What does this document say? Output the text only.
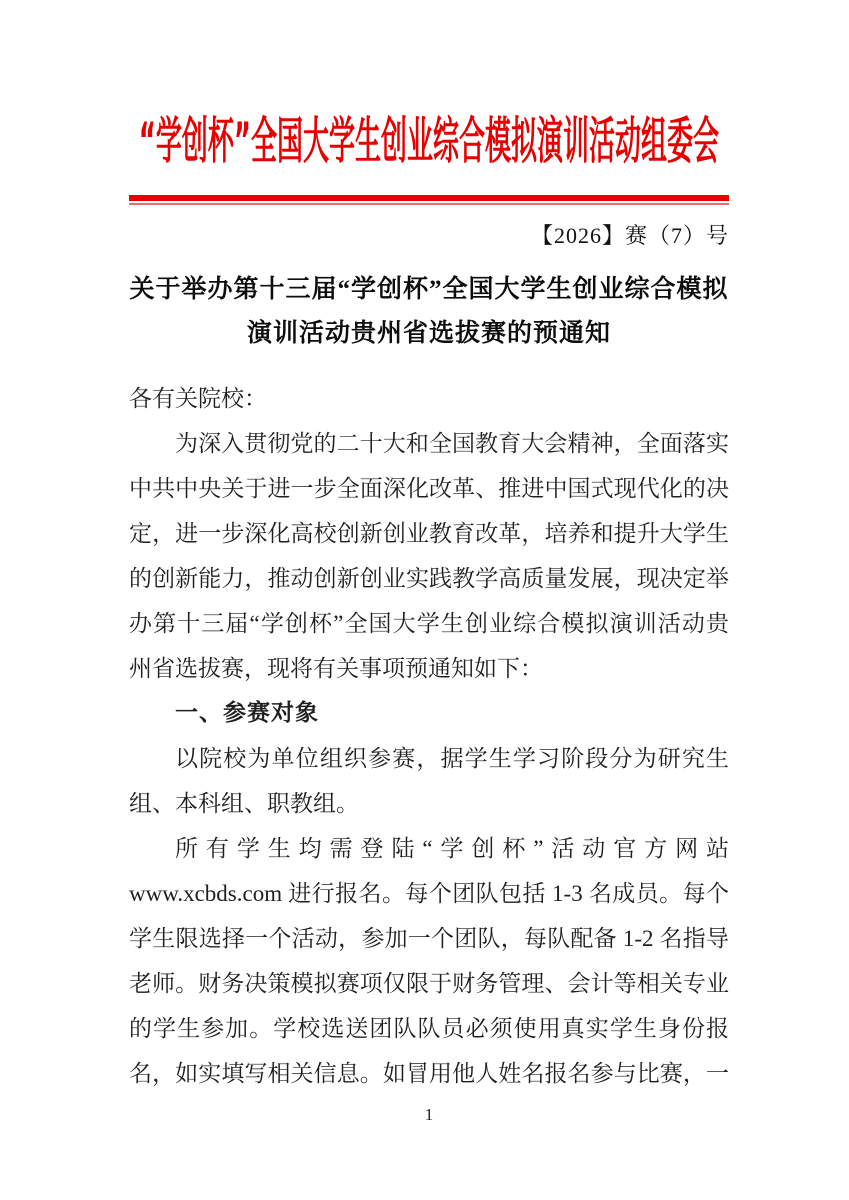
“学创杯”全国大学生创业综合模拟演训活动组委会
【2026】赛（7）号
关于举办第十三届“学创杯”全国大学生创业综合模拟
演训活动贵州省选拔赛的预通知
各有关院校：
为深入贯彻党的二十大和全国教育大会精神，全面落实
中共中央关于进一步全面深化改革、推进中国式现代化的决
定，进一步深化高校创新创业教育改革，培养和提升大学生
的创新能力，推动创新创业实践教学高质量发展，现决定举
办第十三届“学创杯”全国大学生创业综合模拟演训活动贵
州省选拔赛，现将有关事项预通知如下：
一、参赛对象
以院校为单位组织参赛，据学生学习阶段分为研究生
组、本科组、职教组。
所有学生均需登陆“学创杯”活动官方网站
www.xcbds.com 进行报名。每个团队包括 1-3 名成员。每个
学生限选择一个活动，参加一个团队，每队配备 1-2 名指导
老师。财务决策模拟赛项仅限于财务管理、会计等相关专业
的学生参加。学校选送团队队员必须使用真实学生身份报
名，如实填写相关信息。如冒用他人姓名报名参与比赛，一
1
